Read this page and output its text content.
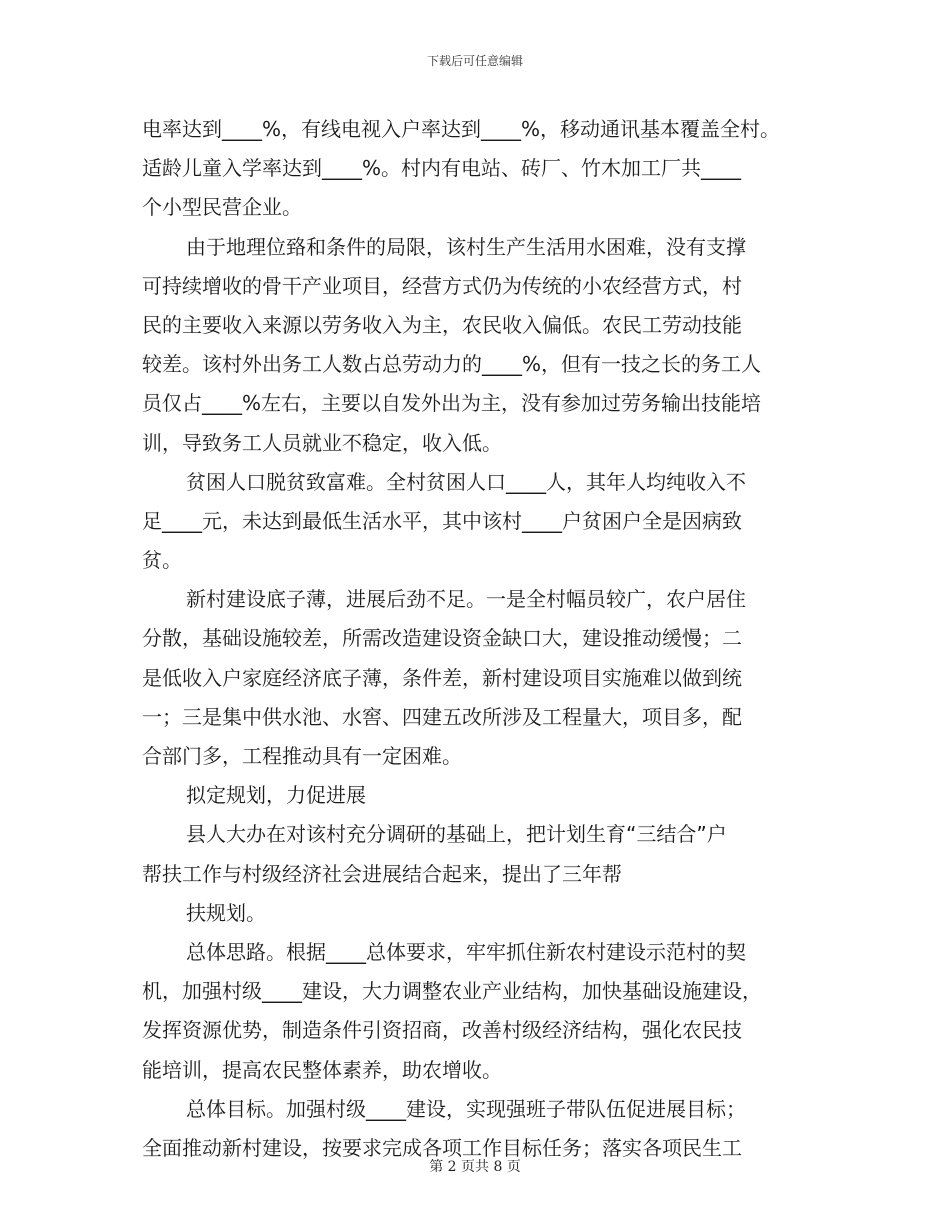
下载后可任意编辑
电率达到____%，有线电视入户率达到____%，移动通讯基本覆盖全村。
适龄儿童入学率达到____%。村内有电站、砖厂、竹木加工厂共____
个小型民营企业。
由于地理位臵和条件的局限，该村生产生活用水困难，没有支撑
可持续增收的骨干产业项目，经营方式仍为传统的小农经营方式，村
民的主要收入来源以劳务收入为主，农民收入偏低。农民工劳动技能
较差。该村外出务工人数占总劳动力的____%，但有一技之长的务工人
员仅占____%左右，主要以自发外出为主，没有参加过劳务输出技能培
训，导致务工人员就业不稳定，收入低。
贫困人口脱贫致富难。全村贫困人口____人，其年人均纯收入不
足____元，未达到最低生活水平，其中该村____户贫困户全是因病致
贫。
新村建设底子薄，进展后劲不足。一是全村幅员较广，农户居住
分散，基础设施较差，所需改造建设资金缺口大，建设推动缓慢；二
是低收入户家庭经济底子薄，条件差，新村建设项目实施难以做到统
一；三是集中供水池、水窖、四建五改所涉及工程量大，项目多，配
合部门多，工程推动具有一定困难。
拟定规划，力促进展
县人大办在对该村充分调研的基础上，把计划生育“三结合”户
帮扶工作与村级经济社会进展结合起来，提出了三年帮
扶规划。
总体思路。根据____总体要求，牢牢抓住新农村建设示范村的契
机，加强村级____建设，大力调整农业产业结构，加快基础设施建设，
发挥资源优势，制造条件引资招商，改善村级经济结构，强化农民技
能培训，提高农民整体素养，助农增收。
总体目标。加强村级____建设，实现强班子带队伍促进展目标；
全面推动新村建设，按要求完成各项工作目标任务；落实各项民生工
第 2 页共 8 页
